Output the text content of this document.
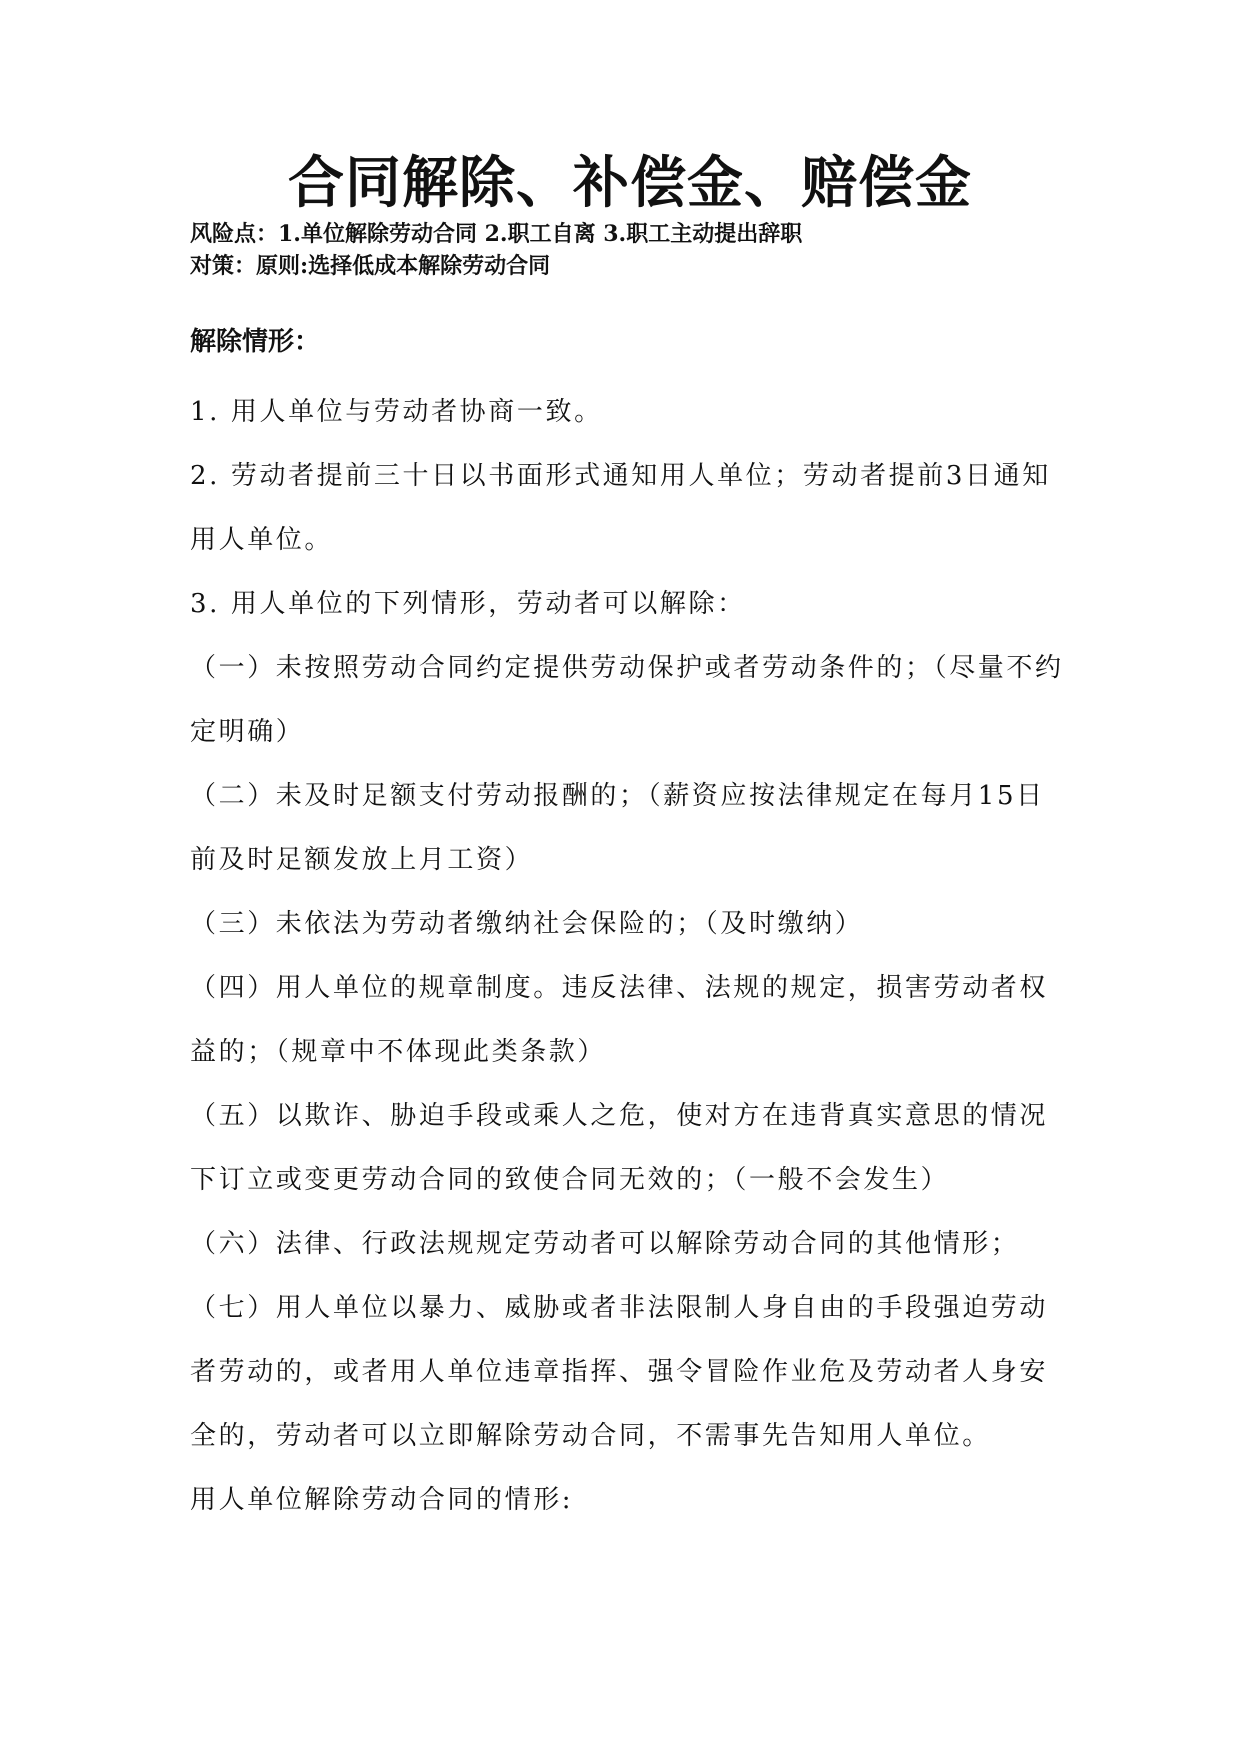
合同解除、补偿金、赔偿金

风险点：1.单位解除劳动合同 2.职工自离 3.职工主动提出辞职

对策：原则:选择低成本解除劳动合同

解除情形：

1. 用人单位与劳动者协商一致。

2. 劳动者提前三十日以书面形式通知用人单位；劳动者提前3日通知用人单位。

3. 用人单位的下列情形，劳动者可以解除：

（一）未按照劳动合同约定提供劳动保护或者劳动条件的；（尽量不约定明确）

（二）未及时足额支付劳动报酬的；（薪资应按法律规定在每月15日前及时足额发放上月工资）

（三）未依法为劳动者缴纳社会保险的；（及时缴纳）

（四）用人单位的规章制度。违反法律、法规的规定，损害劳动者权益的；（规章中不体现此类条款）

（五）以欺诈、胁迫手段或乘人之危，使对方在违背真实意思的情况下订立或变更劳动合同的致使合同无效的；（一般不会发生）

（六）法律、行政法规规定劳动者可以解除劳动合同的其他情形；

（七）用人单位以暴力、威胁或者非法限制人身自由的手段强迫劳动者劳动的，或者用人单位违章指挥、强令冒险作业危及劳动者人身安全的，劳动者可以立即解除劳动合同，不需事先告知用人单位。

用人单位解除劳动合同的情形:
